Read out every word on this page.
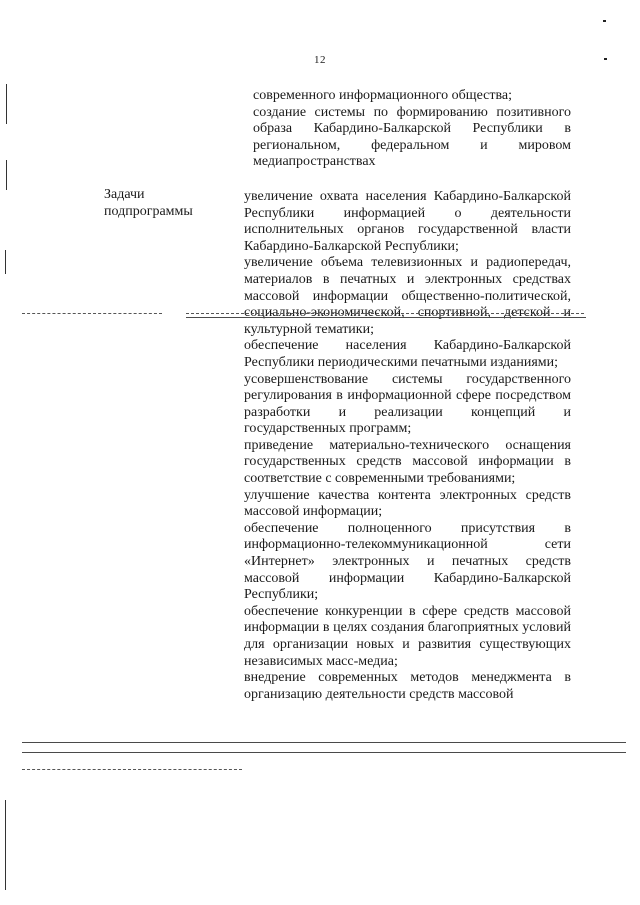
12
Задачи
подпрограммы
современного информационного общества;
создание системы по формированию позитивного образа Кабардино-Балкарской Республики в региональном, федеральном и мировом медиапространствах
увеличение охвата населения Кабардино-Балкарской Республики информацией о деятельности исполнительных органов государственной власти Кабардино-Балкарской Республики;
увеличение объема телевизионных и радиопередач, материалов в печатных и электронных средствах массовой информации общественно-политической, социально-экономической, спортивной, детской и культурной тематики;
обеспечение населения Кабардино-Балкарской Республики периодическими печатными изданиями;
усовершенствование системы государственного регулирования в информационной сфере посредством разработки и реализации концепций и государственных программ;
приведение материально-технического оснащения государственных средств массовой информации в соответствие с современными требованиями;
улучшение качества контента электронных средств массовой информации;
обеспечение полноценного присутствия в информационно-телекоммуникационной сети «Интернет» электронных и печатных средств массовой информации Кабардино-Балкарской Республики;
обеспечение конкуренции в сфере средств массовой информации в целях создания благоприятных условий для организации новых и развития существующих независимых масс-медиа;
внедрение современных методов менеджмента в организацию деятельности средств массовой
